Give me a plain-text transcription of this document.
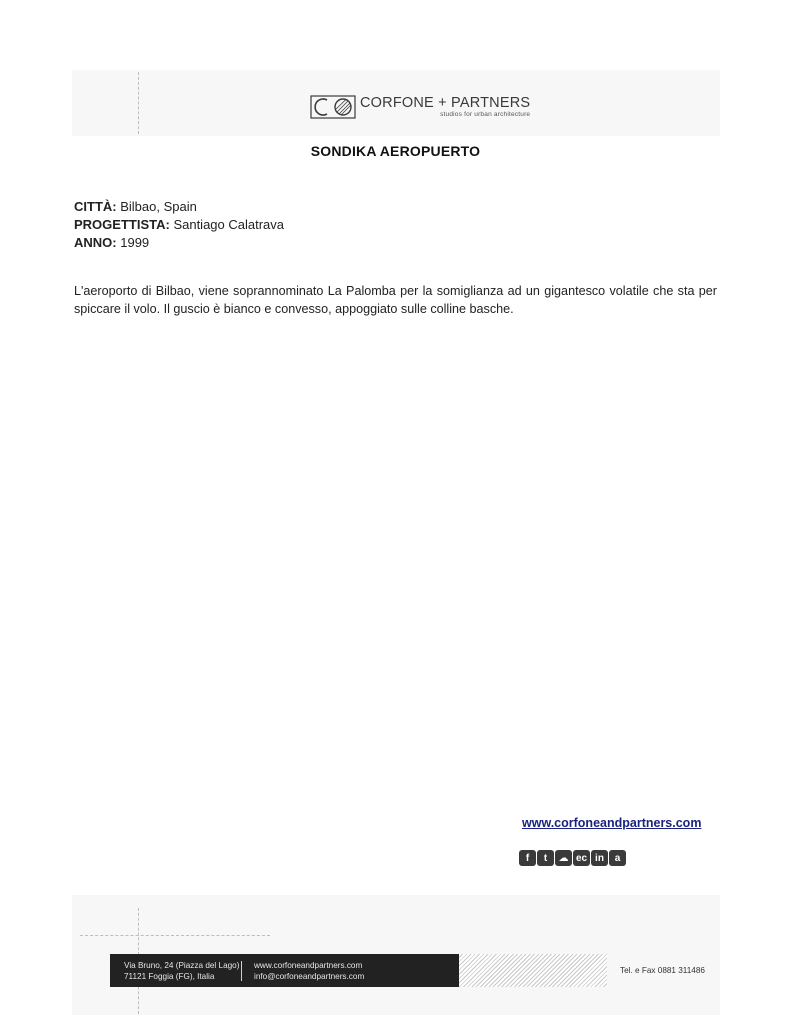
CORFONE + PARTNERS
studios for urban architecture
SONDIKA AEROPUERTO
CITTÀ: Bilbao, Spain
PROGETTISTA: Santiago Calatrava
ANNO: 1999
L'aeroporto di Bilbao, viene soprannominato La Palomba per la somiglianza ad un gigantesco volatile che sta per spiccare il volo. Il guscio è bianco e convesso, appoggiato sulle colline basche.
www.corfoneandpartners.com
f	t	☁ ec in	a
Via Bruno, 24 (Piazza del Lago)
71121 Foggia (FG), Italia
www.corfoneandpartners.com
info@corfoneandpartners.com
Tel. e Fax 0881 311486
